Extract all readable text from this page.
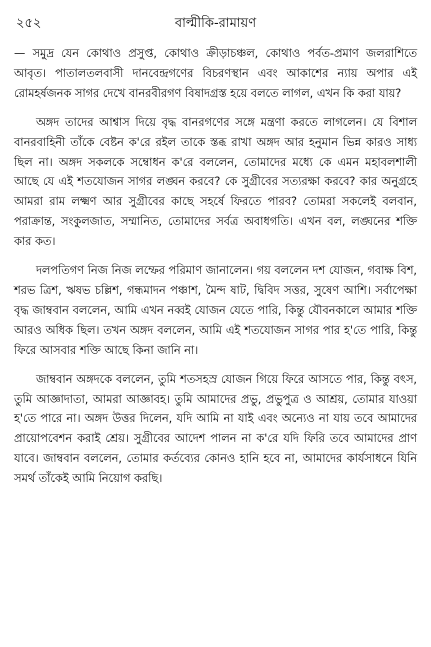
২৫২	বাল্মীকি-রামায়ণ

— সমুদ্র যেন কোথাও প্রসুপ্ত, কোথাও ক্রীড়াচঞ্চল, কোথাও পর্বত-প্রমাণ জলরাশিতে আবৃত। পাতালতলবাসী দানবেন্দ্রগণের বিচরণস্থান এবং আকাশের ন্যায় অপার এই রোমহর্ষজনক সাগর দেখে বানরবীরগণ বিষাদগ্রস্ত হয়ে বলতে লাগল, এখন কি করা যায়?

অঙ্গদ তাদের আশ্বাস দিয়ে বৃদ্ধ বানরগণের সঙ্গে মন্ত্রণা করতে লাগলেন। যে বিশাল বানরবাহিনী তাঁকে বেষ্টন ক'রে রইল তাকে স্তব্ধ রাখা অঙ্গদ আর হনুমান ভিন্ন কারও সাধ্য ছিল না। অঙ্গদ সকলকে সম্বোধন ক'রে বললেন, তোমাদের মধ্যে কে এমন মহাবলশালী আছে যে এই শতযোজন সাগর লঙ্ঘন করবে? কে সুগ্রীবের সত্যরক্ষা করবে? কার অনুগ্রহে আমরা রাম লক্ষ্মণ আর সুগ্রীবের কাছে সহর্ষে ফিরতে পারব? তোমরা সকলেই বলবান, পরাক্রান্ত, সংকুলজাত, সম্মানিত, তোমাদের সর্বত্র অবাধগতি। এখন বল, লঙ্ঘনের শক্তি কার কত।

দলপতিগণ নিজ নিজ লম্ফের পরিমাণ জানালেন। গয় বললেন দশ যোজন, গবাক্ষ বিশ, শরভ ত্রিশ, ঋষভ চল্লিশ, গন্ধমাদন পঞ্চাশ, মৈন্দ ষাট, দ্বিবিদ সত্তর, সুষেণ আশি। সর্বাপেক্ষা বৃদ্ধ জাম্ববান বললেন, আমি এখন নব্বই যোজন যেতে পারি, কিন্তু যৌবনকালে আমার শক্তি আরও অধিক ছিল। তখন অঙ্গদ বললেন, আমি এই শতযোজন সাগর পার হ'তে পারি, কিন্তু ফিরে আসবার শক্তি আছে কিনা জানি না।

জাম্ববান অঙ্গদকে বললেন, তুমি শতসহস্র যোজন গিয়ে ফিরে আসতে পার, কিন্তু বৎস, তুমি আজ্ঞাদাতা, আমরা আজ্ঞাবহ। তুমি আমাদের প্রভু, প্রভুপুত্র ও আশ্রয়, তোমার যাওয়া হ'তে পারে না। অঙ্গদ উত্তর দিলেন, যদি আমি না যাই এবং অন্যেও না যায় তবে আমাদের প্রায়োপবেশন করাই শ্রেয়। সুগ্রীবের আদেশ পালন না ক'রে যদি ফিরি তবে আমাদের প্রাণ যাবে। জাম্ববান বললেন, তোমার কর্তব্যের কোনও হানি হবে না, আমাদের কার্যসাধনে যিনি সমর্থ তাঁকেই আমি নিয়োগ করছি।
